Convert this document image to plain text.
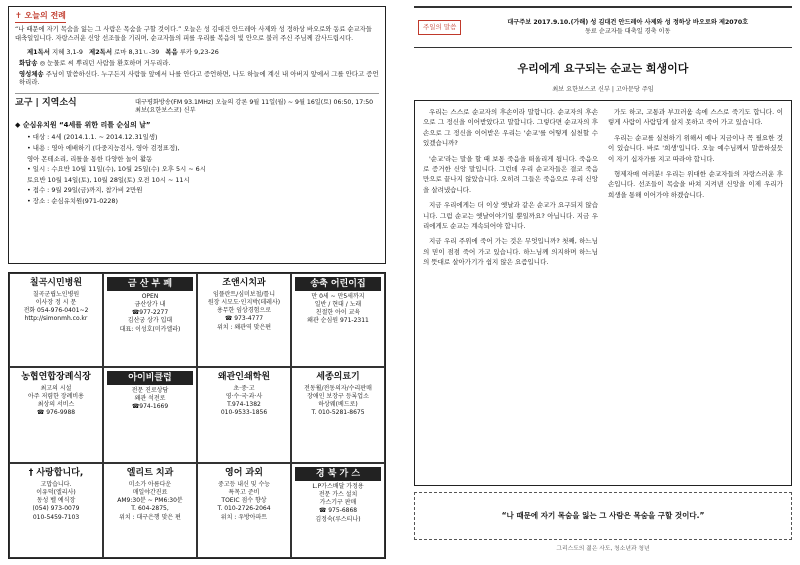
✝ 오늘의 전례
“나 때문에 자기 목숨을 잃는 그 사람은 목숨을 구할 것이다.” 오늘은 성 김대건 안드레아 사제와 성 정하상 바오로와 동료 순교자들 대축일입니다. 자랑스러운 신앙 선조들을 기리며, 순교자들의 피를 우리를 복음의 빛 안으로 불러 주신 주님께 감사드립시다.
제1독서 지혜 3,1-9 제2독서 로마 8,31ㄴ-39 복음 루카 9,23-26
화답송 ◎ 눈물로 씨 뿌리던 사람들 환호하며 거두리라.
영성체송 주님이 말씀하신다. 누구든지 사람들 앞에서 나를 안다고 증언하면, 나도 하늘에 계신 내 아버지 앞에서 그를 안다고 증언하리라.
교구 | 지역소식	대구평화방송(FM 93.1MHz) 오늘의 강론 9월 11일(월) ~ 9월 16일(토) 06:50, 17:50 최보(요한보스코) 신부
◆ 순심유치원 “4세를 위한 리틀 순심의 날”
• 대상 : 4세 (2014.1.1. ~ 2014.12.31일생)
• 내용 : 영아 에배하기 (다중지능검사, 영아 검정표정),
영아 몬테소리, 리틀을 통한 다양한 놀이 활동
• 일시 : 수요반 10월 11일(수), 10월 25일(수) 오후 5시 ~ 6시
토요반 10월 14일(토), 10월 28일(토) 오전 10시 ~ 11시
• 접수 : 9월 29일(금)까지, 참가비 2만원
• 장소 : 순심유치원(971-0228)
칠곡시민병원
칠곡군립노인병원
이사장 정 시 문
전화 054-976-0401~2
http://simonmh.co.kr
금 산 부 페
OPEN
금산상가 내
☎977-2277
김산궁 상가 입대
대표: 이성호(미카엘라)
조앤시치과
임플란트/심미보철/틀니
원장 시모도·인지박(데레사)
용무한 임상경험으로
☎ 973-4777
위치 : 왜관역 맞은편
송축 어린이집
만 0세 ~ 만5세까지
일반 / 현대 / 노래
친절한 아이 교육
왜관 순심원 971-2311
농협연합장례식장
최고의 시설
아주 저렴한 장례비용
최상의 서비스
☎ 976-9988
아이비클럽
전문 진로상담
왜관 석전로
☎974-1669
왜관인쇄학원
초·중·고
영·수·국·과·사
T.974-1382
010-9533-1856
세종의료기
전동휠/전동의자/수리판매
장애인 보장구 등록업소
하상웨(베드로)
T. 010-5281-8675
† 사랑합니다,
고맙습니다.
이유덕(엘리사)
동성 벨 예식장
(054) 973-0079
010-5459-7103
엘리트 치과
미소가 아름다운
매일야간진료
AM9:30분 ~ PM6:30분
T. 604-2875,
위치 : 대구은행 맞은 편
영어 과외
중고등 내신 및 수능
특목고 준비
TOEIC 점수 향상
T. 010-2726-2064
위치 : 우방아파트
경 북 가 스
L.P가스배달 가정용
전문 가스 설치
가스기구 판매
☎ 975-6868
김정숙(루스티나)
주일의 말씀
대구주보 2017.9.10.(가해) 성 김대건 안드레아 사제와 성 정하상 바오로와 제2070호
동료 순교자들 대축일 경축 이동
우리에게 요구되는 순교는 희생이다
최보 요한보스코 신부 | 고아문당 주임

우리는 스스로 순교자의 후손이라 말합니다. 순교자의 후손으로 그 정신을 이어받았다고 말합니다. 그렇다면 순교자의 후손으로 그 정신을 이어받은 우리는 '순교'를 어떻게 실천할 수 있겠습니까?

'순교'라는 말을 할 때 보통 죽음을 떠올리게 됩니다. 죽음으로 증거한 신앙 말입니다. 그런데 우리 순교자들은 결코 죽음만으로 끝나지 않았습니다. 오히려 그들은 죽음으로 우리 신앙을 살려냈습니다.

지금 우리에게는 더 이상 옛날과 같은 순교가 요구되지 않습니다. 그럼 순교는 옛날이야기일 뿐일까요? 아닙니다. 지금 우리에게도 순교는 계속되어야 합니다.

지금 우리 주위에 죽어 가는 것은 무엇입니까? 첫째, 하느님의 믿이 점점 죽어 가고 있습니다. 하느님께 의지하며 하느님의 뜻대로 살아가기가 쉽지 않은 요즘입니다.

가도 하고, 고통과 부끄러움 속에 스스로 죽기도 합니다. 이렇게 사람이 사람답게 살지 못하고 죽어 가고 있습니다.

우리는 순교를 실천하기 위해서 예나 지금이나 꼭 필요한 것이 있습니다. 바로 '희생'입니다. 오늘 예수님께서 말씀하셨듯이 자기 십자가를 지고 따라야 합니다.

형제자매 여러분! 우리는 위대한 순교자들의 자랑스러운 후손입니다. 선조들이 목숨을 바쳐 지켜낸 신앙을 이제 우리가 희생을 통해 이어가야 하겠습니다.

“나 때문에 자기 목숨을 잃는 그 사람은 목숨을 구할 것이다.”
그리스도의 젊은 사도, 청소년과 청년
